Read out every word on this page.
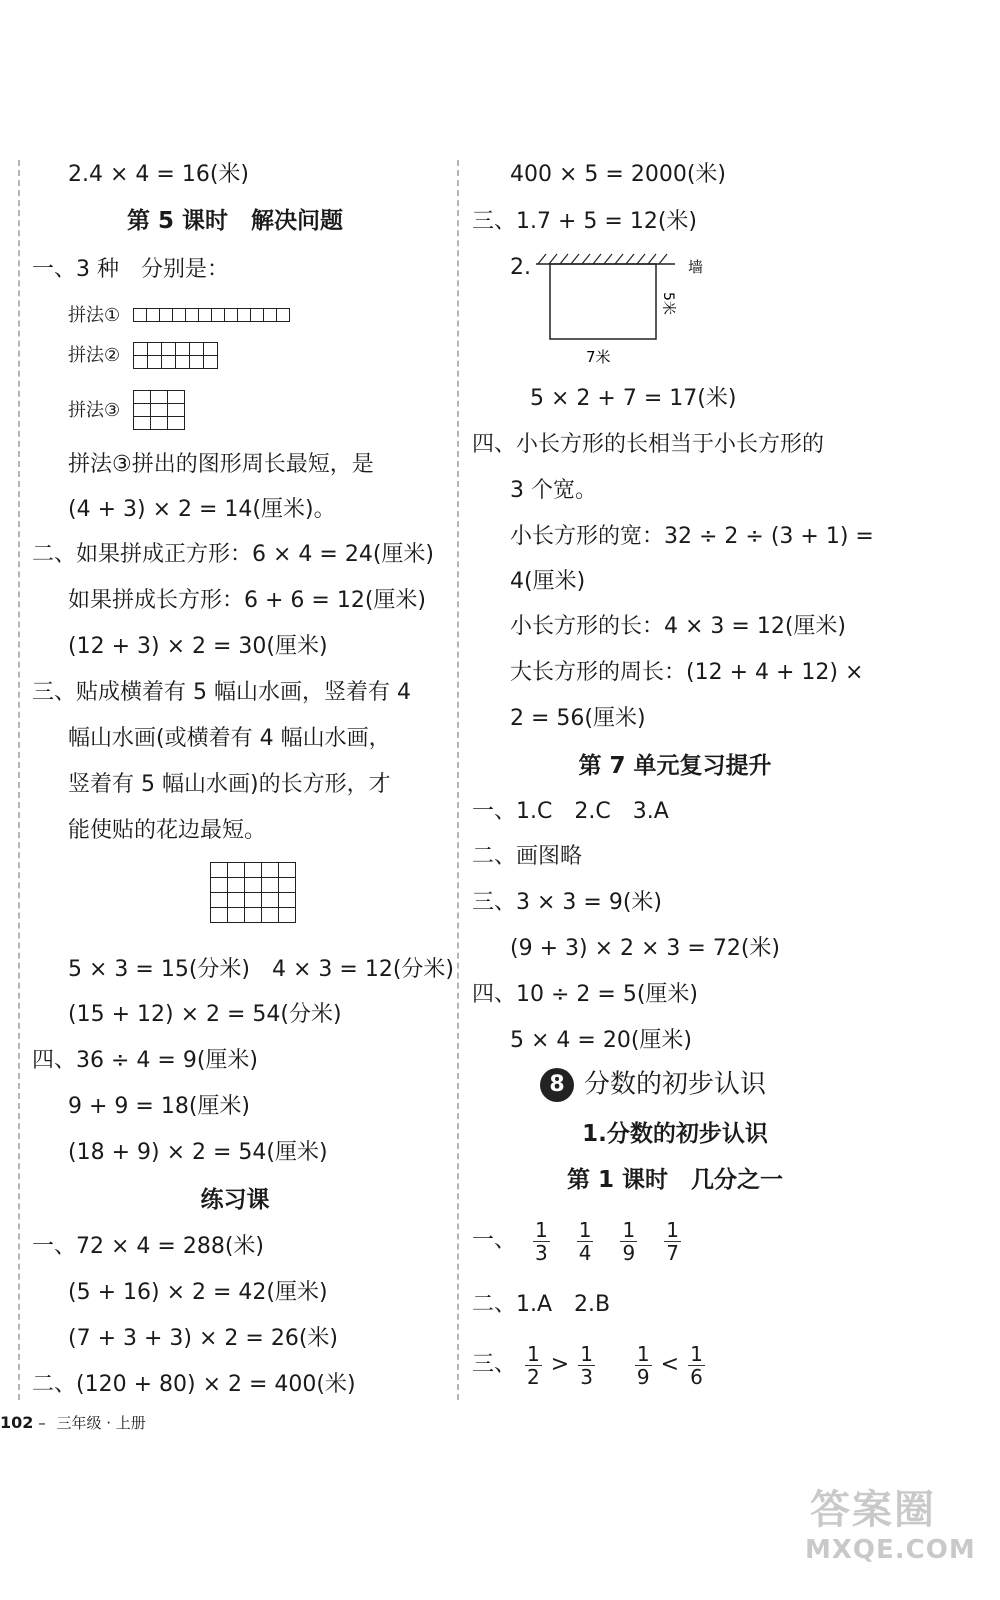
2.4 × 4 = 16(米)
第 5 课时　解决问题
一、3 种　分别是：
拼法①											
拼法②					

拼法③		

拼法③拼出的图形周长最短，是
(4 + 3) × 2 = 14(厘米)。
二、如果拼成正方形：6 × 4 = 24(厘米)
如果拼成长方形：6 + 6 = 12(厘米)
(12 + 3) × 2 = 30(厘米)
三、贴成横着有 5 幅山水画，竖着有 4
幅山水画(或横着有 4 幅山水画，
竖着有 5 幅山水画)的长方形，才
能使贴的花边最短。

5 × 3 = 15(分米)　4 × 3 = 12(分米)
(15 + 12) × 2 = 54(分米)
四、36 ÷ 4 = 9(厘米)
9 + 9 = 18(厘米)
(18 + 9) × 2 = 54(厘米)
练习课
一、72 × 4 = 288(米)
(5 + 16) × 2 = 42(厘米)
(7 + 3 + 3) × 2 = 26(米)
二、(120 + 80) × 2 = 400(米)
400 × 5 = 2000(米)
三、1.7 + 5 = 12(米)
2.	墙
5米
7米
5 × 2 + 7 = 17(米)
四、小长方形的长相当于小长方形的
3 个宽。
小长方形的宽：32 ÷ 2 ÷ (3 + 1) =
4(厘米)
小长方形的长：4 × 3 = 12(厘米)
大长方形的周长：(12 + 4 + 12) ×
2 = 56(厘米)
第 7 单元复习提升
一、1.C　2.C　3.A
二、画图略
三、3 × 3 = 9(米)
(9 + 3) × 2 × 3 = 72(米)
四、10 ÷ 2 = 5(厘米)
5 × 4 = 20(厘米)
8 分数的初步认识
1.分数的初步认识
第 1 课时　几分之一
一、 $\frac{1}{3}$
$\frac{1}{4}$
$\frac{1}{9}$
$\frac{1}{7}$
二、1.A　2.B
三、 $\frac{1}{2} > \frac{1}{3}$
$\frac{1}{9} < \frac{1}{6}$
102 – 三年级 · 上册
答案圈
MXQE.COM
